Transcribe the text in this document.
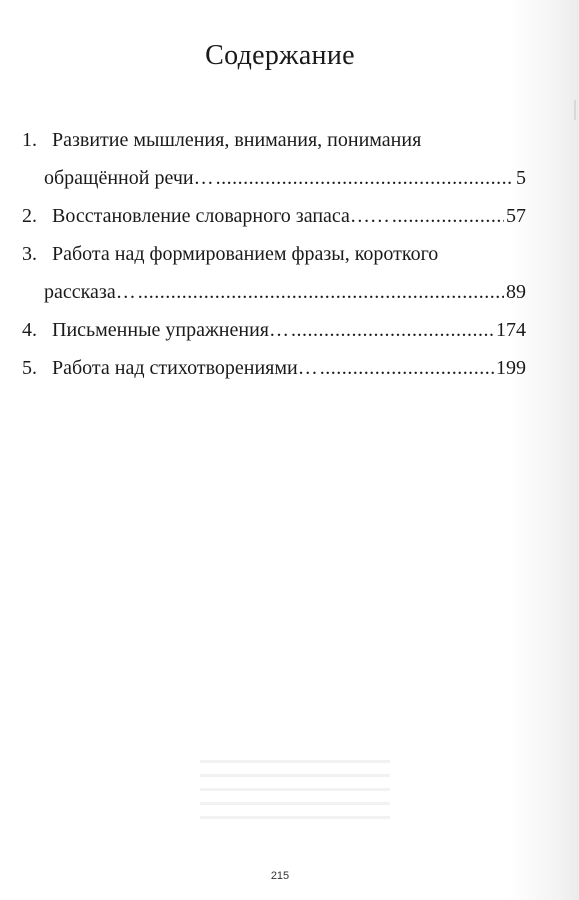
Содержание
1. Развитие мышления, внимания, понимания
обращённой речи… .....	5
2. Восстановление словарного запаса…… .....	57
3. Работа над формированием фразы, короткого
рассказа… .....	89
4. Письменные упражнения… .....	174
5. Работа над стихотворениями… .....	199
215
